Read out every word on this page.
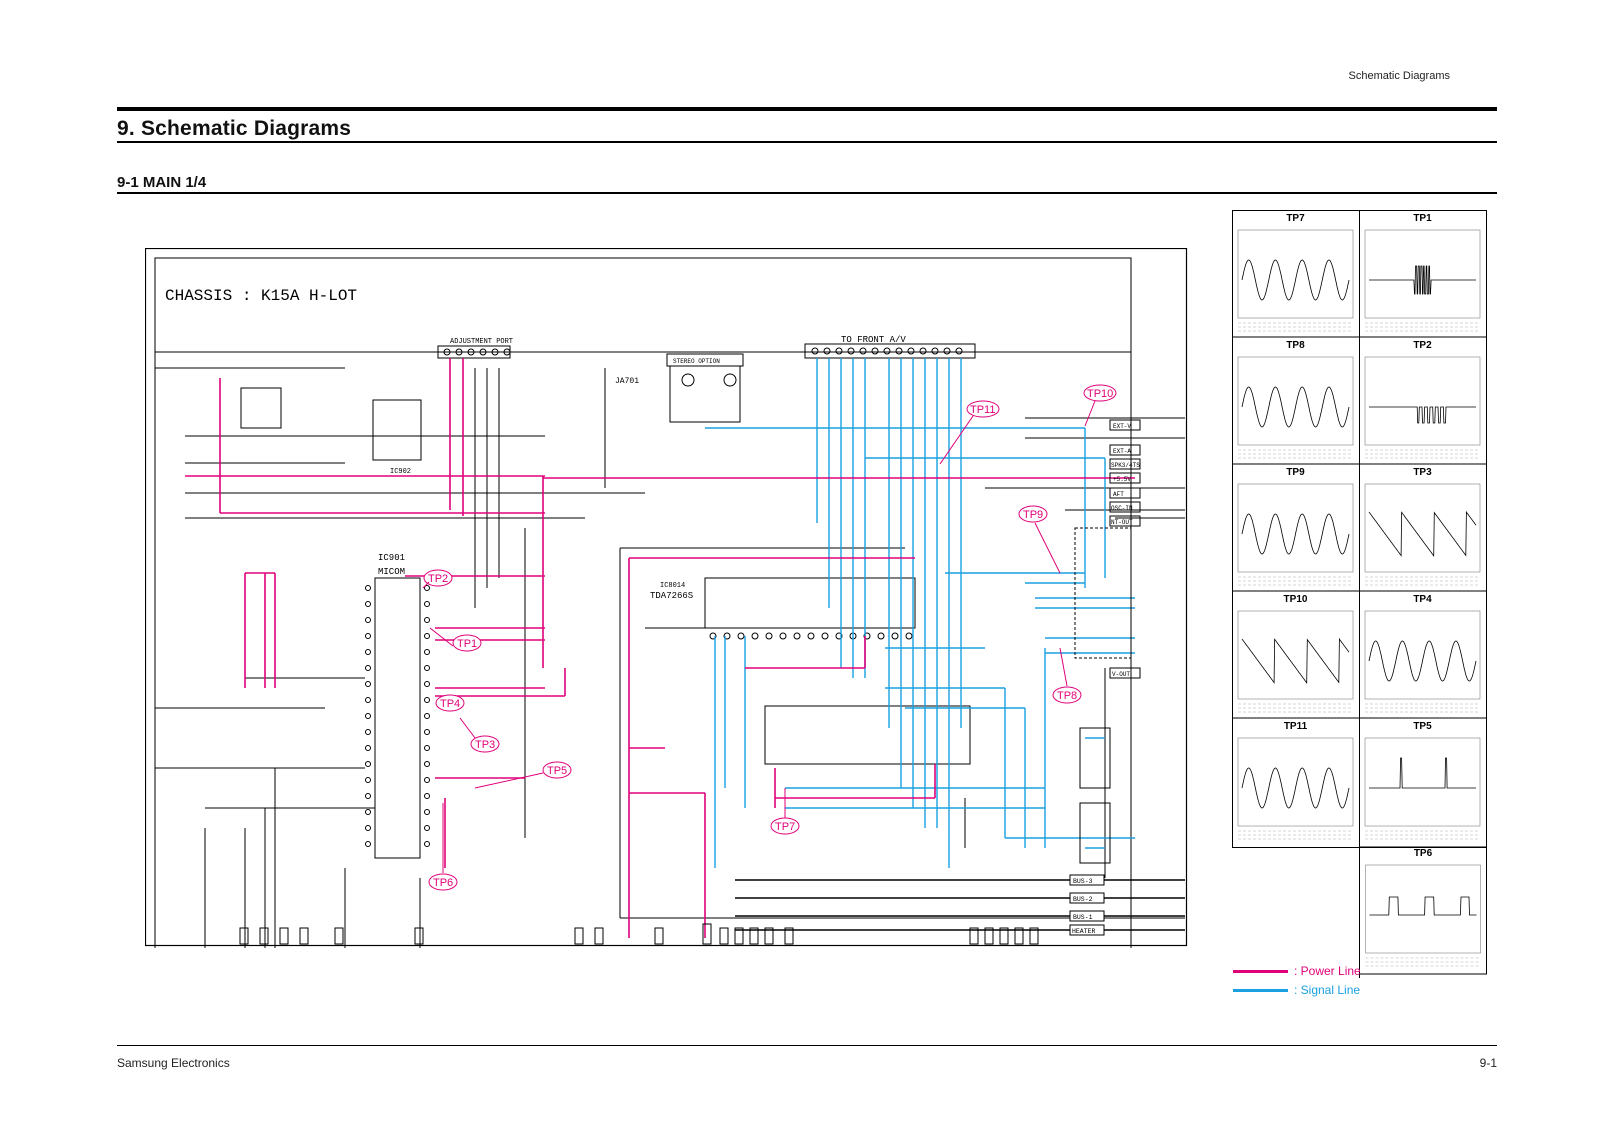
Schematic Diagrams
9. Schematic Diagrams
9-1 MAIN 1/4
CHASSIS : K15A H-LOT
ADJUSTMENT PORT	TO FRONT A/V
STEREO OPTION
JA701
IC902
IC901
MICOM
IC8014
TDA7266S
EXT-V
EXT-A
SPK3/4TS
+5.5V
AFT
OSC-IN
NT-OUT
V-OUT
BUS-3
BUS-2
BUS-1
HEATER
TP2
TP1
TP4
TP3
TP5
TP6
TP7
TP8
TP9
TP10
TP11
TP7	TP1
TP8	TP2
TP9	TP3
TP10	TP4
TP11	TP5
TP6
: Power Line
: Signal Line
Samsung Electronics	9-1
